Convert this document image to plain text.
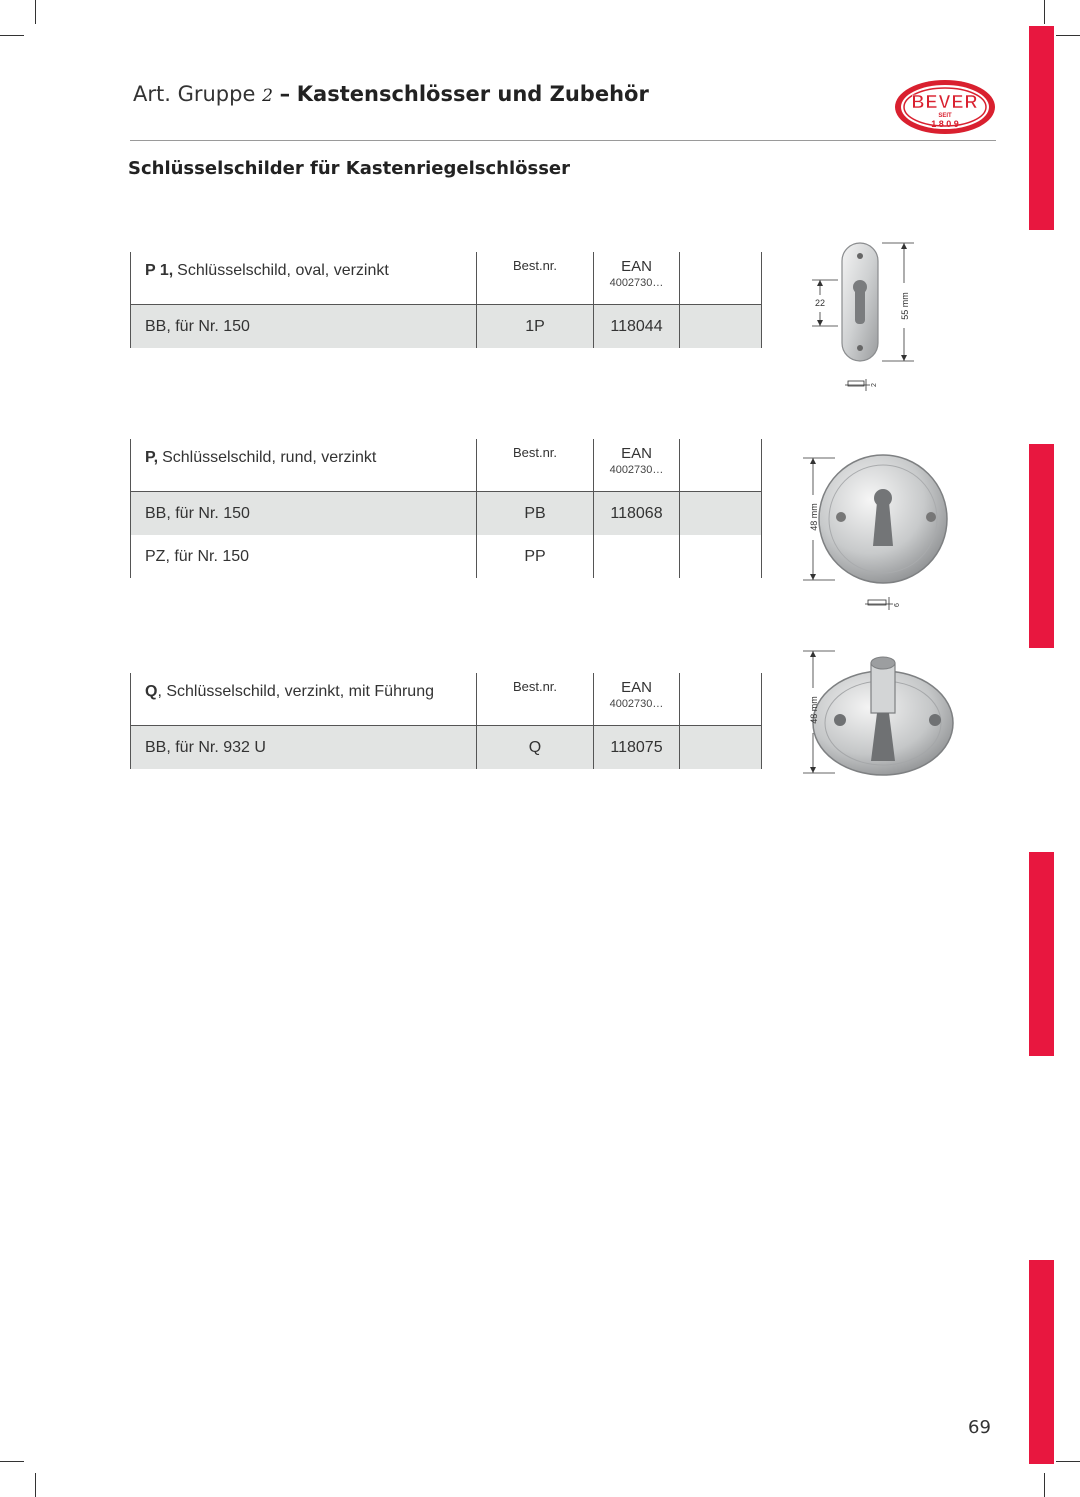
Art. Gruppe 2 – Kastenschlösser und Zubehör	BEVER
SEIT
1 8 0 9
Schlüsselschilder für Kastenriegelschlösser
P 1, Schlüsselschild, oval, verzinkt	Best.nr.	EAN
4002730…
BB, für Nr. 150	1P	118044
22	55 mm
2
P, Schlüsselschild, rund, verzinkt	Best.nr.	EAN
4002730…
BB, für Nr. 150	PB	118068
PZ, für Nr. 150	PP
48 mm
6
Q , Schlüsselschild, verzinkt, mit Führung	Best.nr.	EAN
4002730…
BB, für Nr. 932 U	Q	118075
48 mm
69
